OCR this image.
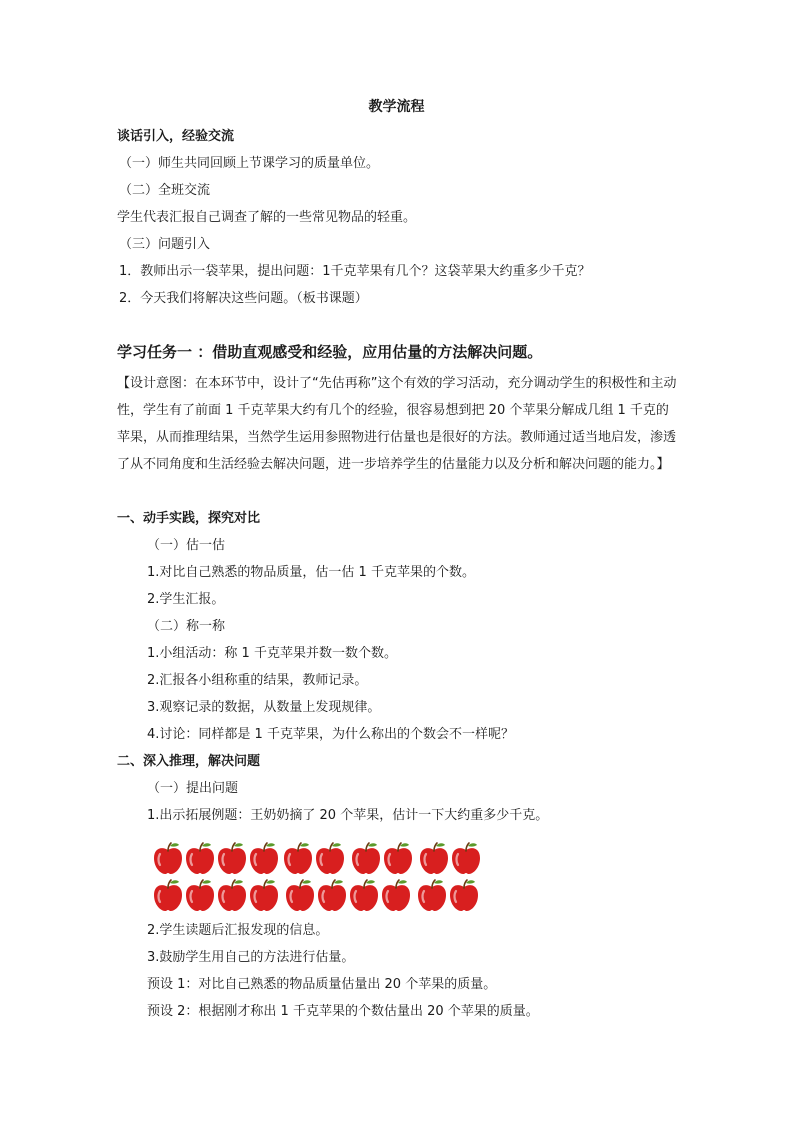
教学流程
谈话引入，经验交流
（一）师生共同回顾上节课学习的质量单位。
（二）全班交流
学生代表汇报自己调查了解的一些常见物品的轻重。
（三）问题引入
1．教师出示一袋苹果，提出问题：1千克苹果有几个？这袋苹果大约重多少千克？
2．今天我们将解决这些问题。（板书课题）
学习任务一 ：借助直观感受和经验，应用估量的方法解决问题。
【设计意图：在本环节中，设计了“先估再称”这个有效的学习活动，充分调动学生的积极性和主动性，学生有了前面 1 千克苹果大约有几个的经验，很容易想到把 20 个苹果分解成几组 1 千克的苹果，从而推理结果，当然学生运用参照物进行估量也是很好的方法。教师通过适当地启发，渗透了从不同角度和生活经验去解决问题，进一步培养学生的估量能力以及分析和解决问题的能力。】
一、动手实践，探究对比
（一）估一估
1.对比自己熟悉的物品质量，估一估 1 千克苹果的个数。
2.学生汇报。
（二）称一称
1.小组活动：称 1 千克苹果并数一数个数。
2.汇报各小组称重的结果，教师记录。
3.观察记录的数据，从数量上发现规律。
4.讨论：同样都是 1 千克苹果，为什么称出的个数会不一样呢？
二、深入推理，解决问题
（一）提出问题
1.出示拓展例题：王奶奶摘了 20 个苹果，估计一下大约重多少千克。
2.学生读题后汇报发现的信息。
3.鼓励学生用自己的方法进行估量。
预设 1：对比自己熟悉的物品质量估量出 20 个苹果的质量。
预设 2：根据刚才称出 1 千克苹果的个数估量出 20 个苹果的质量。
